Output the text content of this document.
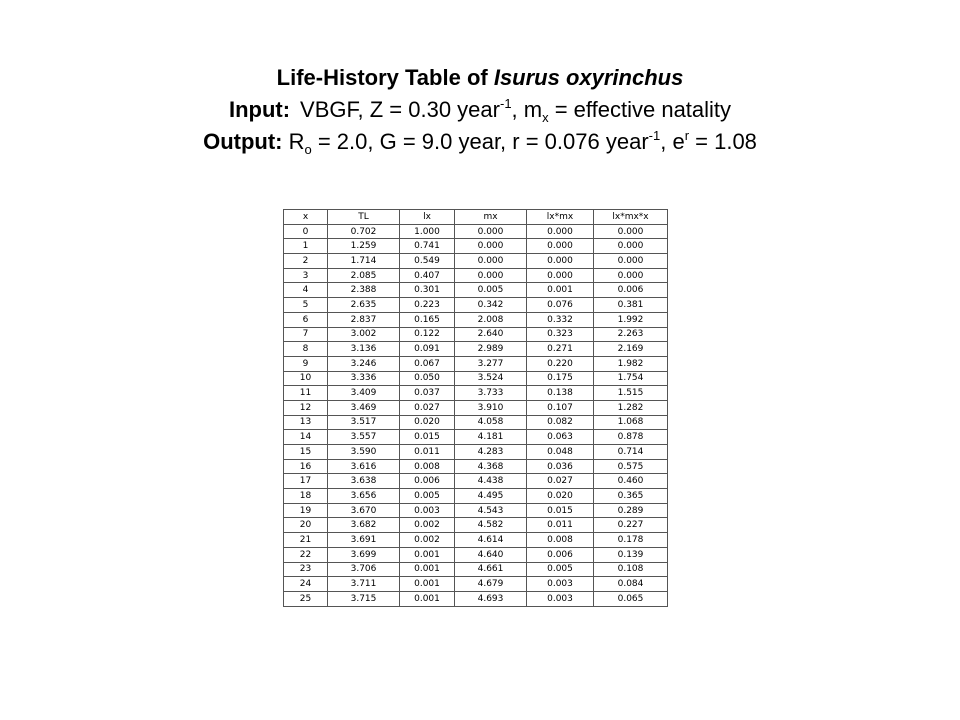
Life-History Table of Isurus oxyrinchus
Input: VBGF, Z = 0.30 year$^{-1}$, $m_x$ = effective natality
Output: $R_o = 2.0$, G = 9.0 year, r = 0.076 year$^{-1}$, $e^r = 1.08$
x	TL	lx	mx	lx*mx	lx*mx*x
0	0.702	1.000	0.000	0.000	0.000
1	1.259	0.741	0.000	0.000	0.000
2	1.714	0.549	0.000	0.000	0.000
3	2.085	0.407	0.000	0.000	0.000
4	2.388	0.301	0.005	0.001	0.006
5	2.635	0.223	0.342	0.076	0.381
6	2.837	0.165	2.008	0.332	1.992
7	3.002	0.122	2.640	0.323	2.263
8	3.136	0.091	2.989	0.271	2.169
9	3.246	0.067	3.277	0.220	1.982
10	3.336	0.050	3.524	0.175	1.754
11	3.409	0.037	3.733	0.138	1.515
12	3.469	0.027	3.910	0.107	1.282
13	3.517	0.020	4.058	0.082	1.068
14	3.557	0.015	4.181	0.063	0.878
15	3.590	0.011	4.283	0.048	0.714
16	3.616	0.008	4.368	0.036	0.575
17	3.638	0.006	4.438	0.027	0.460
18	3.656	0.005	4.495	0.020	0.365
19	3.670	0.003	4.543	0.015	0.289
20	3.682	0.002	4.582	0.011	0.227
21	3.691	0.002	4.614	0.008	0.178
22	3.699	0.001	4.640	0.006	0.139
23	3.706	0.001	4.661	0.005	0.108
24	3.711	0.001	4.679	0.003	0.084
25	3.715	0.001	4.693	0.003	0.065
